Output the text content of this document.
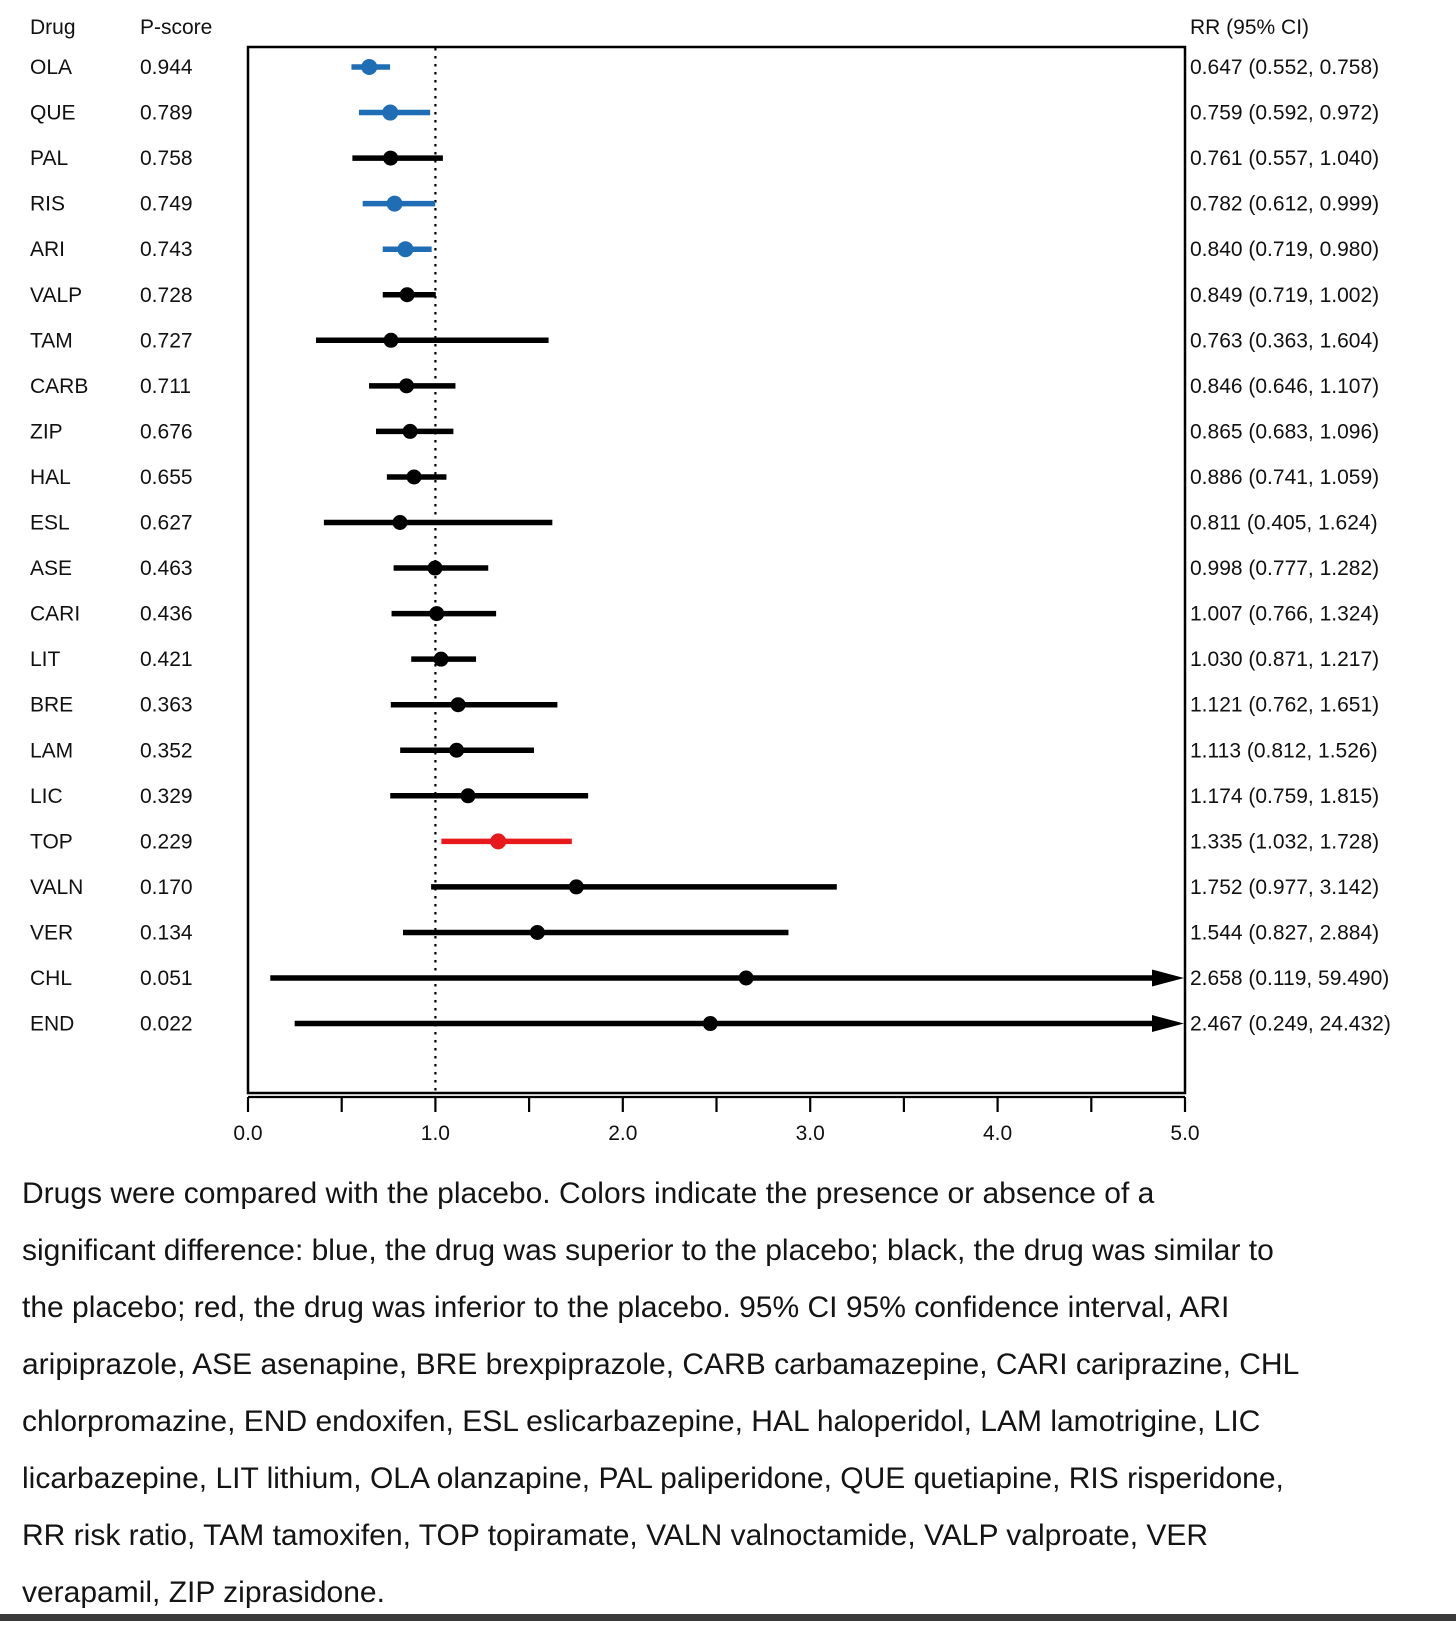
Drug	P-score	RR (95% CI)
OLA	0.944	0.647 (0.552, 0.758)
QUE	0.789	0.759 (0.592, 0.972)
PAL	0.758	0.761 (0.557, 1.040)
RIS	0.749	0.782 (0.612, 0.999)
ARI	0.743	0.840 (0.719, 0.980)
VALP	0.728	0.849 (0.719, 1.002)
TAM	0.727	0.763 (0.363, 1.604)
CARB 0.711	0.846 (0.646, 1.107)
ZIP	0.676	0.865 (0.683, 1.096)
HAL	0.655	0.886 (0.741, 1.059)
ESL	0.627	0.811 (0.405, 1.624)
ASE	0.463	0.998 (0.777, 1.282)
CARI	0.436	1.007 (0.766, 1.324)
LIT	0.421	1.030 (0.871, 1.217)
BRE	0.363	1.121 (0.762, 1.651)
LAM	0.352	1.113 (0.812, 1.526)
LIC	0.329	1.174 (0.759, 1.815)
TOP	0.229	1.335 (1.032, 1.728)
VALN	0.170	1.752 (0.977, 3.142)
VER	0.134	1.544 (0.827, 2.884)
CHL	0.051	2.658 (0.119, 59.490)
END	0.022	2.467 (0.249, 24.432)
0.0	1.0	2.0	3.0	4.0	5.0
Drugs were compared with the placebo. Colors indicate the presence or absence of a
significant difference: blue, the drug was superior to the placebo; black, the drug was similar to
the placebo; red, the drug was inferior to the placebo. 95% CI 95% confidence interval, ARI
aripiprazole, ASE asenapine, BRE brexpiprazole, CARB carbamazepine, CARI cariprazine, CHL
chlorpromazine, END endoxifen, ESL eslicarbazepine, HAL haloperidol, LAM lamotrigine, LIC
licarbazepine, LIT lithium, OLA olanzapine, PAL paliperidone, QUE quetiapine, RIS risperidone,
RR risk ratio, TAM tamoxifen, TOP topiramate, VALN valnoctamide, VALP valproate, VER
verapamil, ZIP ziprasidone.
